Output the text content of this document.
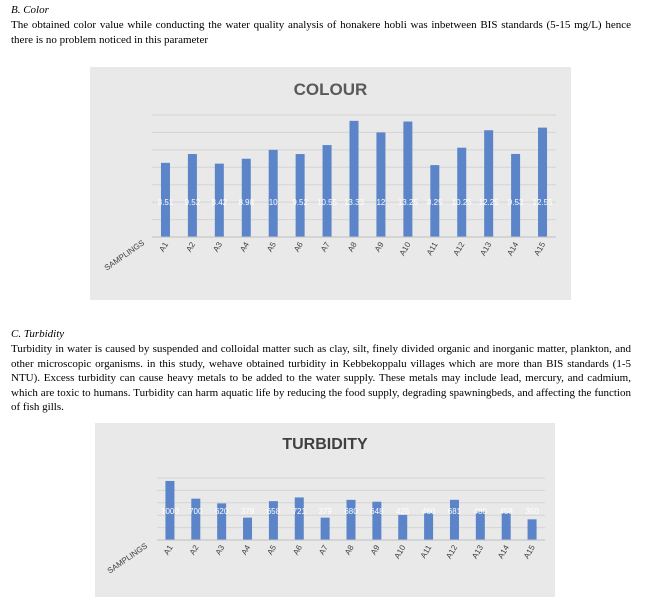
B. Color
The obtained color value while conducting the water quality analysis of honakere hobli was inbetween BIS standards (5-15 mg/L) hence there is no problem noticed in this parameter
COLOUR
8.51
A1
9.52
A2
8.42
A3
8.98
A4
10
A5
9.52
A6
10.55
A7
13.33
A8
12
A9
13.25
A10
8.25
A11
10.25
A12
12.25
A13
9.53
A14
12.55
A15
SAMPLINGS
C. Turbidity
Turbidity in water is caused by suspended and colloidal matter such as clay, silt, finely divided organic and inorganic matter, plankton, and other microscopic organisms. in this study, wehave obtained turbidity in Kebbekoppalu villages which are more than BIS standards (1-5 NTU). Excess turbidity can cause heavy metals to be added to the water supply. These metals may include lead, mercury, and cadmium, which are toxic to humans. Turbidity can harm aquatic life by reducing the food supply, degrading spawningbeds, and affecting the function of fish gills.
TURBIDITY
1000
A1
700
A2
620
A3
379
A4
658
A5
721
A6
379
A7
680
A8
648
A9
425
A10
460
A11
681
A12
480
A13
458
A14
350
A15
SAMPLINGS
